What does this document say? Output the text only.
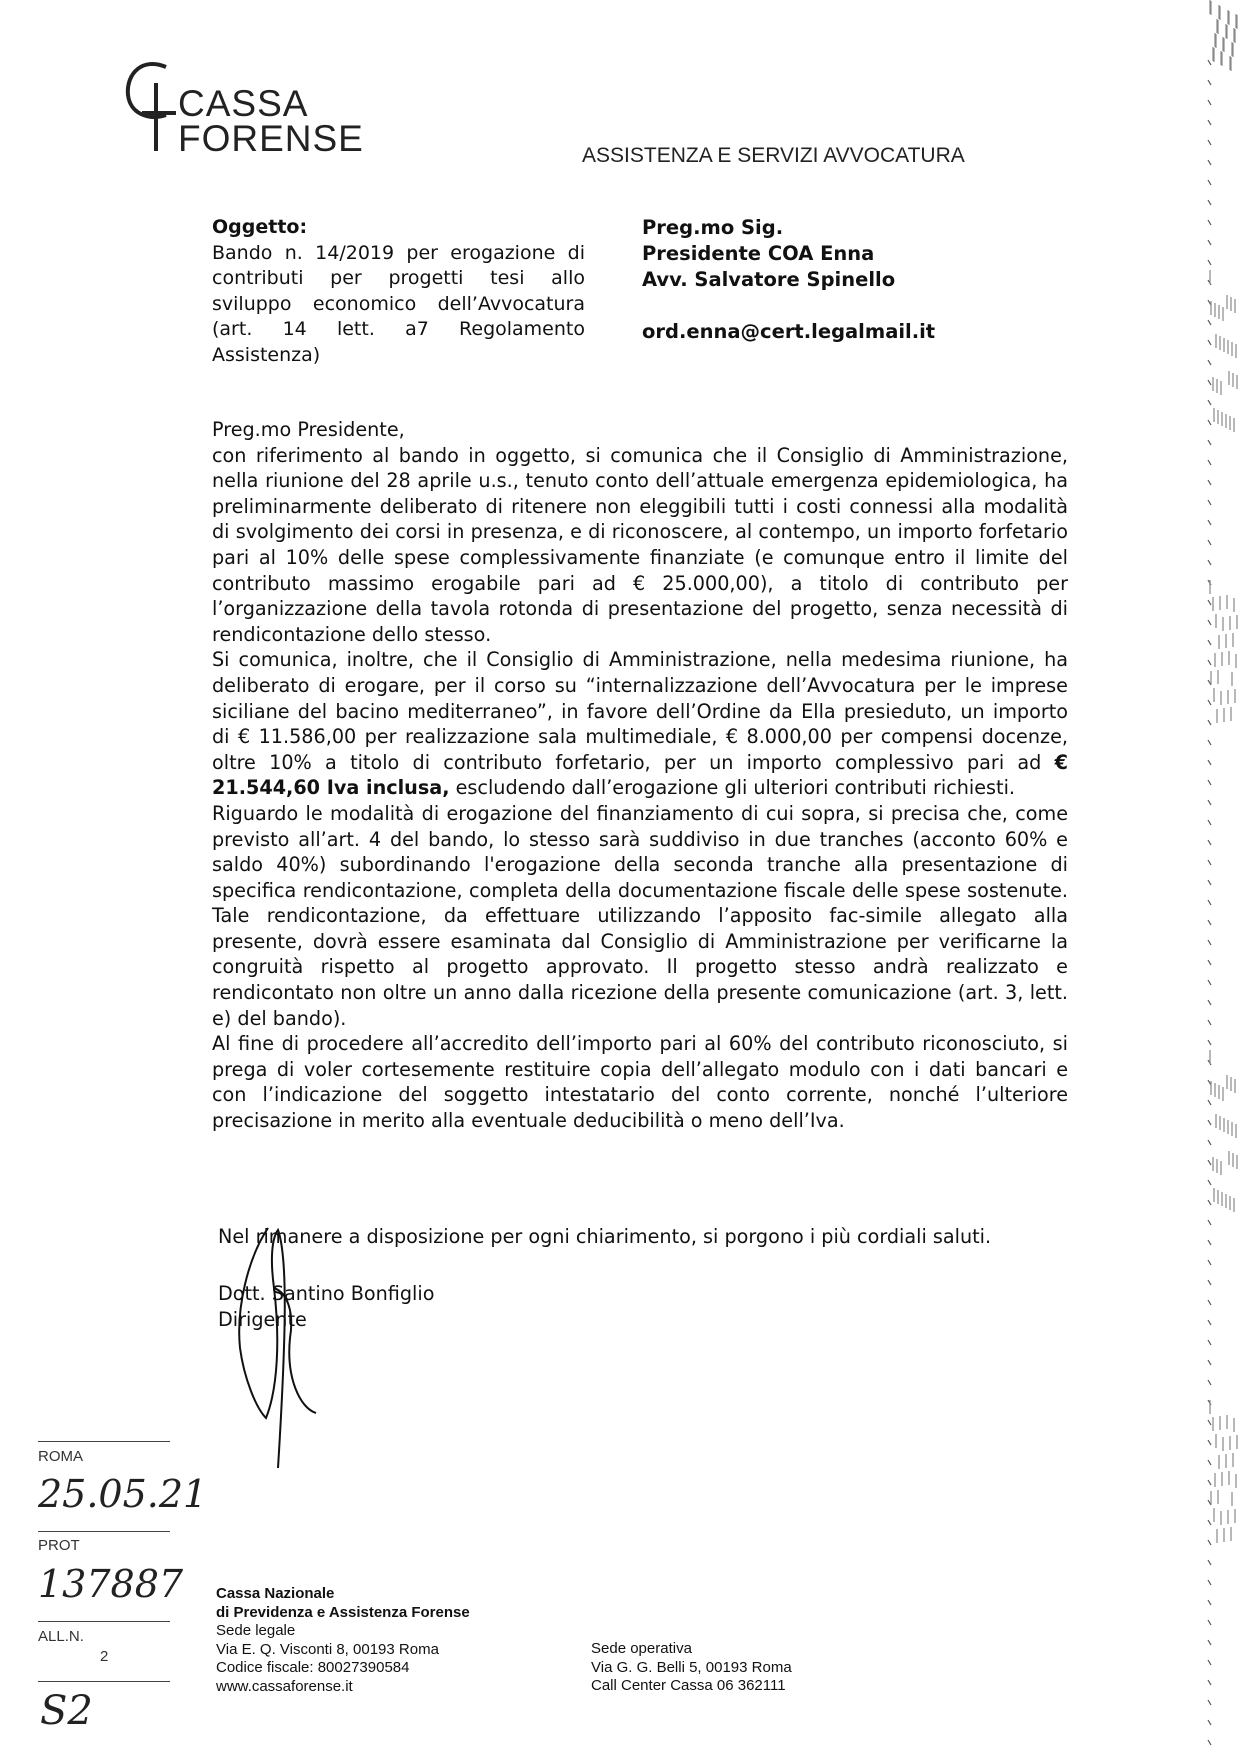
CASSA
FORENSE	ASSISTENZA E SERVIZI AVVOCATURA
Oggetto:
Bando n. 14/2019 per erogazione di contributi per progetti tesi allo sviluppo economico dell’Avvocatura (art. 14 lett. a7 Regolamento Assistenza)
Preg.mo Sig.
Presidente COA Enna
Avv. Salvatore Spinello
ord.enna@cert.legalmail.it

Preg.mo Presidente,

con riferimento al bando in oggetto, si comunica che il Consiglio di Amministrazione, nella riunione del 28 aprile u.s., tenuto conto dell’attuale emergenza epidemiologica, ha preliminarmente deliberato di ritenere non eleggibili tutti i costi connessi alla modalità di svolgimento dei corsi in presenza, e di riconoscere, al contempo, un importo forfetario pari al 10% delle spese complessivamente finanziate (e comunque entro il limite del contributo massimo erogabile pari ad € 25.000,00), a titolo di contributo per l’organizzazione della tavola rotonda di presentazione del progetto, senza necessità di rendicontazione dello stesso.

Si comunica, inoltre, che il Consiglio di Amministrazione, nella medesima riunione, ha deliberato di erogare, per il corso su “internalizzazione dell’Avvocatura per le imprese siciliane del bacino mediterraneo”, in favore dell’Ordine da Ella presieduto, un importo di € 11.586,00 per realizzazione sala multimediale, € 8.000,00 per compensi docenze, oltre 10% a titolo di contributo forfetario, per un importo complessivo pari ad € 21.544,60 Iva inclusa, escludendo dall’erogazione gli ulteriori contributi richiesti.

Riguardo le modalità di erogazione del finanziamento di cui sopra, si precisa che, come previsto all’art. 4 del bando, lo stesso sarà suddiviso in due tranches (acconto 60% e saldo 40%) subordinando l'erogazione della seconda tranche alla presentazione di specifica rendicontazione, completa della documentazione fiscale delle spese sostenute. Tale rendicontazione, da effettuare utilizzando l’apposito fac-simile allegato alla presente, dovrà essere esaminata dal Consiglio di Amministrazione per verificarne la congruità rispetto al progetto approvato. Il progetto stesso andrà realizzato e rendicontato non oltre un anno dalla ricezione della presente comunicazione (art. 3, lett. e) del bando).

Al fine di procedere all’accredito dell’importo pari al 60% del contributo riconosciuto, si prega di voler cortesemente restituire copia dell’allegato modulo con i dati bancari e con l’indicazione del soggetto intestatario del conto corrente, nonché l’ulteriore precisazione in merito alla eventuale deducibilità o meno dell’Iva.

Nel rimanere a disposizione per ogni chiarimento, si porgono i più cordiali saluti.
Dott. Santino Bonfiglio
Dirigente
ROMA
25.05.21
PROT
137887
ALL.N.
2
S2
Cassa Nazionale
di Previdenza e Assistenza Forense
Sede legale
Via E. Q. Visconti 8, 00193 Roma
Codice fiscale: 80027390584
www.cassaforense.it
Sede operativa
Via G. G. Belli 5, 00193 Roma
Call Center Cassa 06 362111
